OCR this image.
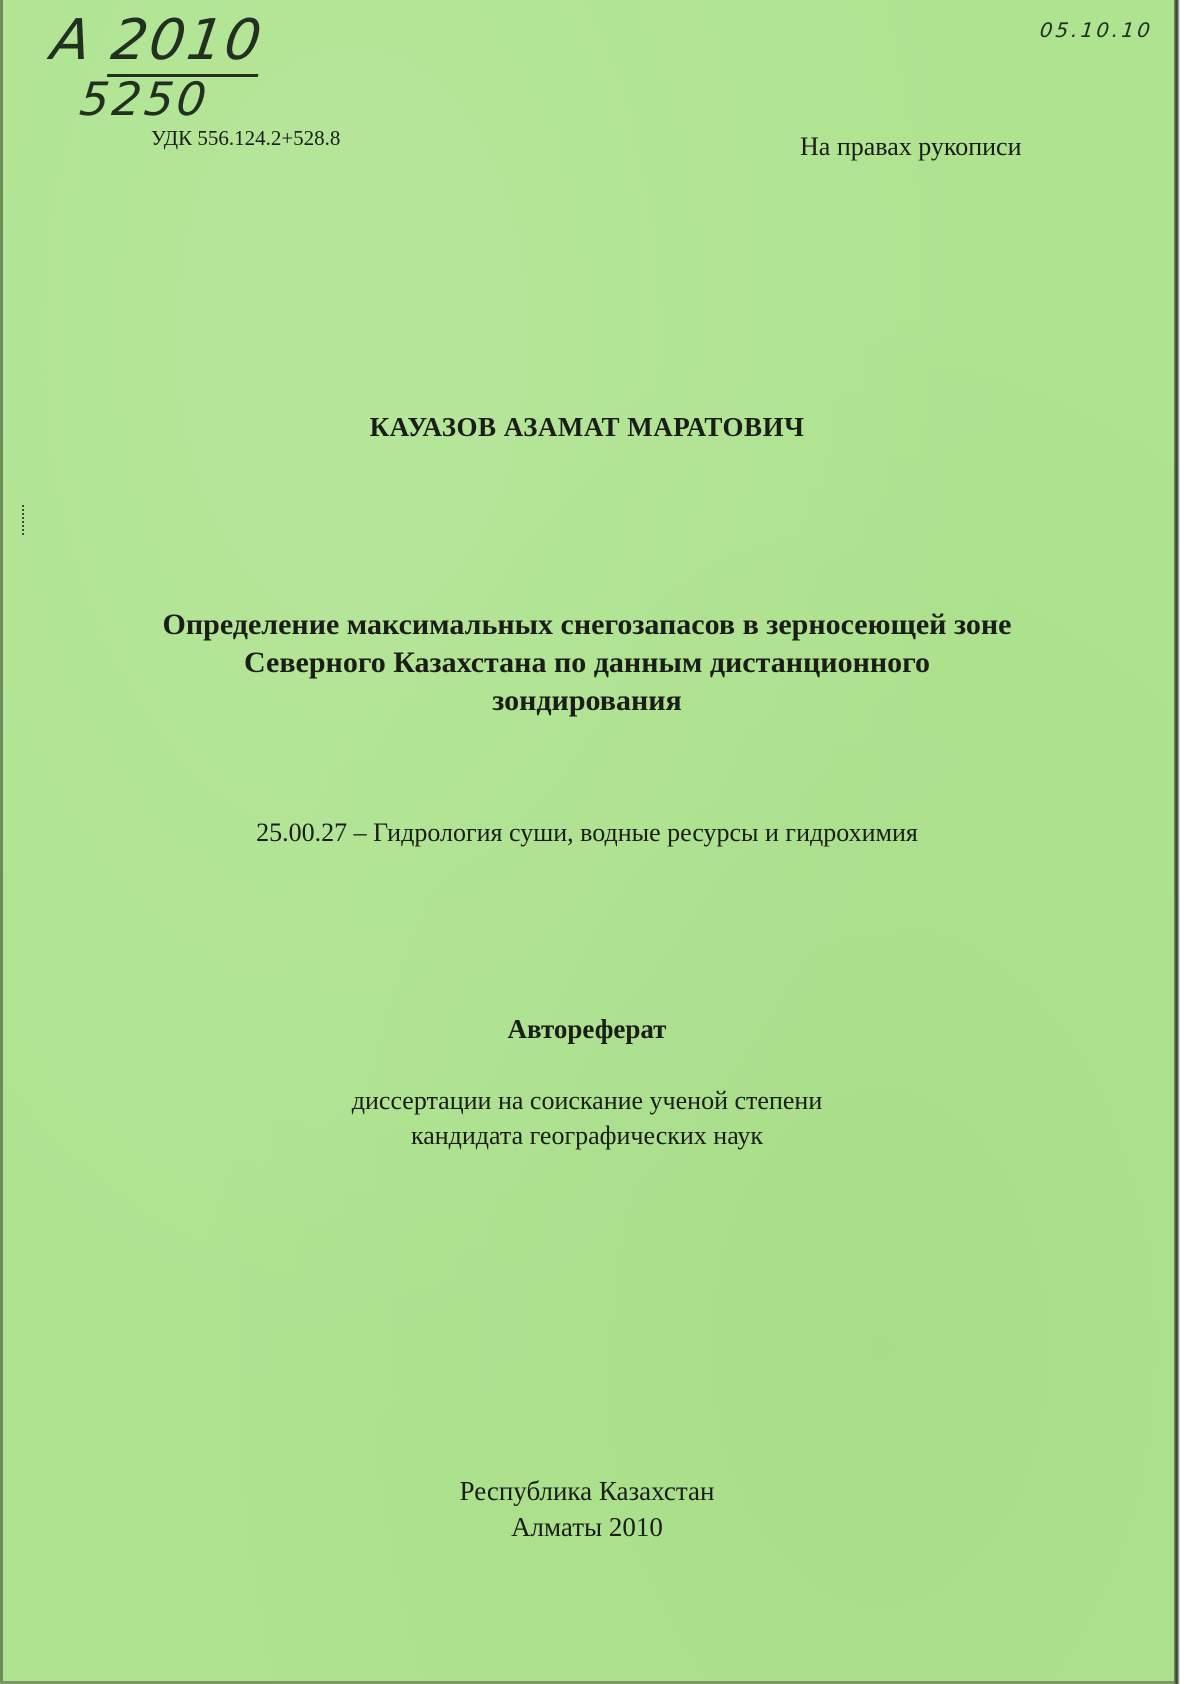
А 2010
5250
05.10.10
УДК 556.124.2+528.8	На правах рукописи
КАУАЗОВ АЗАМАТ МАРАТОВИЧ
Определение максимальных снегозапасов в зерносеющей зоне
Северного Казахстана по данным дистанционного
зондирования
25.00.27 – Гидрология суши, водные ресурсы и гидрохимия
Автореферат
диссертации на соискание ученой степени
кандидата географических наук
Республика Казахстан
Алматы 2010
